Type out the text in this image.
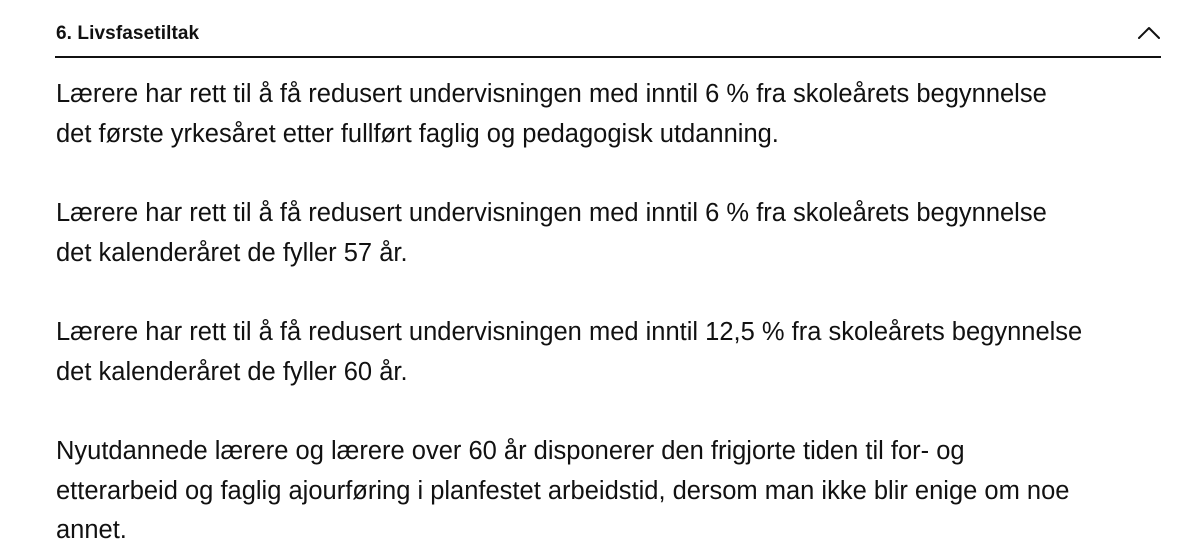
6. Livsfasetiltak

Lærere har rett til å få redusert undervisningen med inntil 6 % fra skoleårets begynnelse
det første yrkesåret etter fullført faglig og pedagogisk utdanning.

Lærere har rett til å få redusert undervisningen med inntil 6 % fra skoleårets begynnelse
det kalenderåret de fyller 57 år.

Lærere har rett til å få redusert undervisningen med inntil 12,5 % fra skoleårets begynnelse
det kalenderåret de fyller 60 år.

Nyutdannede lærere og lærere over 60 år disponerer den frigjorte tiden til for- og
etterarbeid og faglig ajourføring i planfestet arbeidstid, dersom man ikke blir enige om noe
annet.
